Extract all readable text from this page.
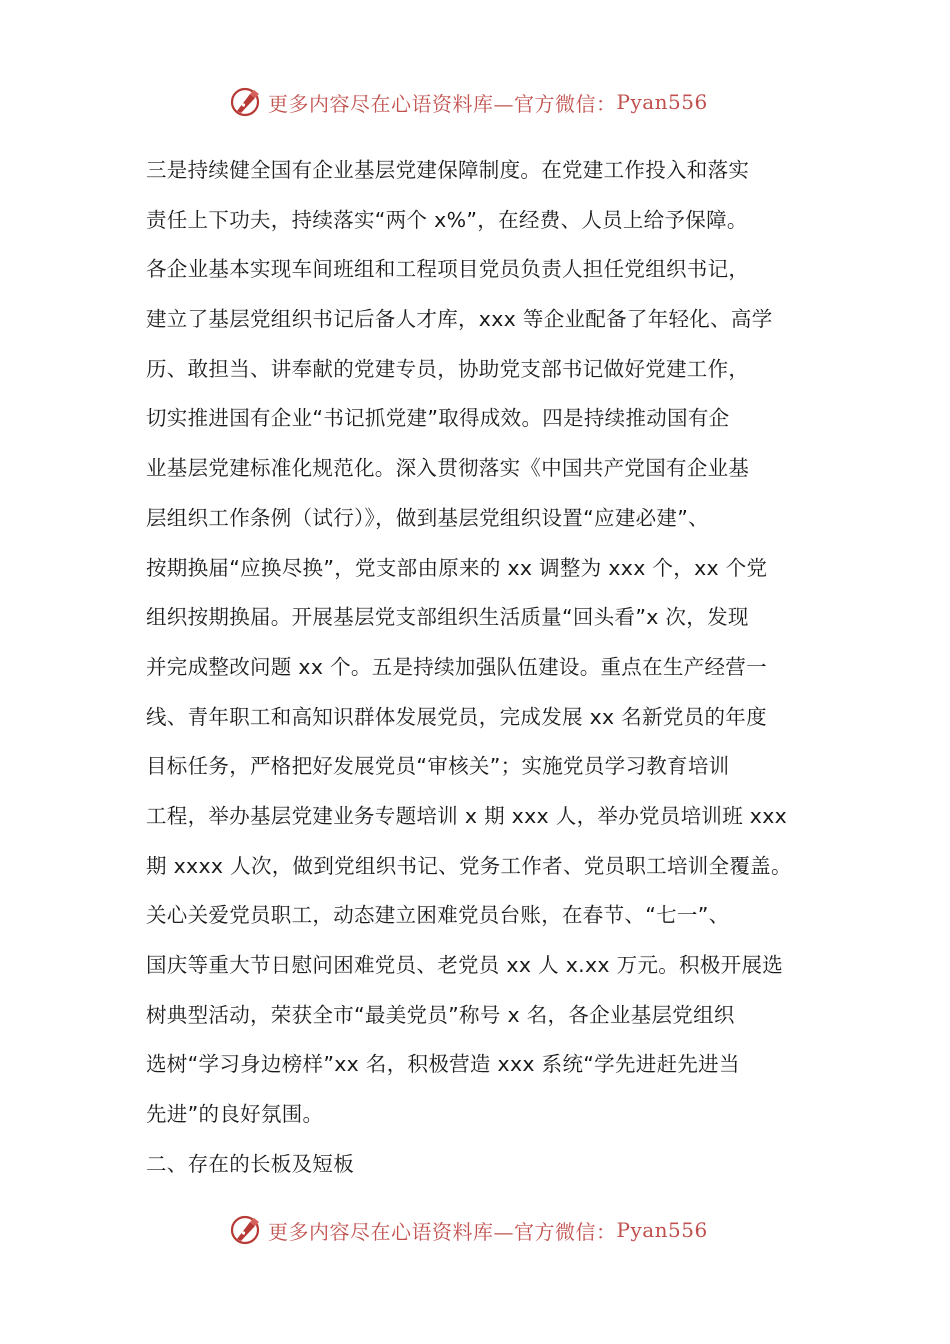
更多内容尽在心语资料库—官方微信： Pyan556
三是持续健全国有企业基层党建保障制度。在党建工作投入和落实
责任上下功夫，持续落实“两个 x%”，在经费、人员上给予保障。
各企业基本实现车间班组和工程项目党员负责人担任党组织书记，
建立了基层党组织书记后备人才库，xxx 等企业配备了年轻化、高学
历、敢担当、讲奉献的党建专员，协助党支部书记做好党建工作，
切实推进国有企业“书记抓党建”取得成效。四是持续推动国有企
业基层党建标准化规范化。深入贯彻落实《中国共产党国有企业基
层组织工作条例（试行）》，做到基层党组织设置“应建必建”、
按期换届“应换尽换”，党支部由原来的 xx 调整为 xxx 个，xx 个党
组织按期换届。开展基层党支部组织生活质量“回头看”x 次，发现
并完成整改问题 xx 个。五是持续加强队伍建设。重点在生产经营一
线、青年职工和高知识群体发展党员，完成发展 xx 名新党员的年度
目标任务，严格把好发展党员“审核关”；实施党员学习教育培训
工程，举办基层党建业务专题培训 x 期 xxx 人，举办党员培训班 xxx
期 xxxx 人次，做到党组织书记、党务工作者、党员职工培训全覆盖。
关心关爱党员职工，动态建立困难党员台账，在春节、“七一”、
国庆等重大节日慰问困难党员、老党员 xx 人 x.xx 万元。积极开展选
树典型活动，荣获全市“最美党员”称号 x 名，各企业基层党组织
选树“学习身边榜样”xx 名，积极营造 xxx 系统“学先进赶先进当
先进”的良好氛围。
二、存在的长板及短板
更多内容尽在心语资料库—官方微信： Pyan556
